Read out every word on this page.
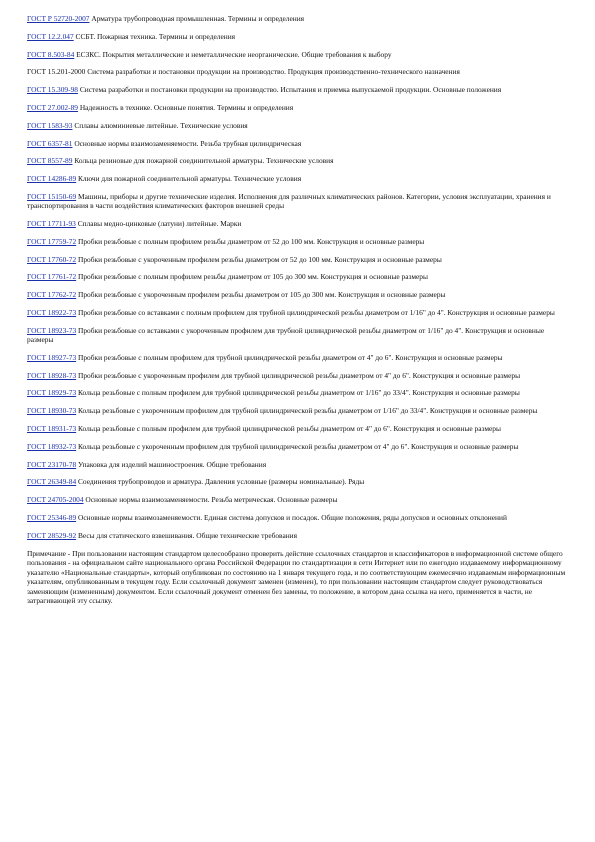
ГОСТ Р 52720-2007 Арматура трубопроводная промышленная. Термины и определения

ГОСТ 12.2.047 ССБТ. Пожарная техника. Термины и определения

ГОСТ 8.503-84 ЕСЗКС. Покрытия металлические и неметаллические неорганические. Общие требования к выбору

ГОСТ 15.201-2000 Система разработки и постановки продукции на производство. Продукция производственно-технического назначения

ГОСТ 15.309-98 Система разработки и постановки продукции на производство. Испытания и приемка выпускаемой продукции. Основные положения

ГОСТ 27.002-89 Надежность в технике. Основные понятия. Термины и определения

ГОСТ 1583-93 Сплавы алюминиевые литейные. Технические условия

ГОСТ 6357-81 Основные нормы взаимозаменяемости. Резьба трубная цилиндрическая

ГОСТ 8557-89 Кольца резиновые для пожарной соединительной арматуры. Технические условия

ГОСТ 14286-89 Ключи для пожарной соединительной арматуры. Технические условия

ГОСТ 15150-69 Машины, приборы и другие технические изделия. Исполнения для различных климатических районов. Категории, условия эксплуатации, хранения и транспортирования в части воздействия климатических факторов внешней среды

ГОСТ 17711-93 Сплавы медно-цинковые (латуни) литейные. Марки

ГОСТ 17759-72 Пробки резьбовые с полным профилем резьбы диаметром от 52 до 100 мм. Конструкция и основные размеры

ГОСТ 17760-72 Пробки резьбовые с укороченным профилем резьбы диаметром от 52 до 100 мм. Конструкция и основные размеры

ГОСТ 17761-72 Пробки резьбовые с полным профилем резьбы диаметром от 105 до 300 мм. Конструкция и основные размеры

ГОСТ 17762-72 Пробки резьбовые с укороченным профилем резьбы диаметром от 105 до 300 мм. Конструкция и основные размеры

ГОСТ 18922-73 Пробки резьбовые со вставками с полным профилем для трубной цилиндрической резьбы диаметром от 1/16" до 4". Конструкция и основные размеры

ГОСТ 18923-73 Пробки резьбовые со вставками с укороченным профилем для трубной цилиндрической резьбы диаметром от 1/16" до 4". Конструкция и основные размеры

ГОСТ 18927-73 Пробки резьбовые с полным профилем для трубной цилиндрической резьбы диаметром от 4" до 6". Конструкция и основные размеры

ГОСТ 18928-73 Пробки резьбовые с укороченным профилем для трубной цилиндрической резьбы диаметром от 4" до 6". Конструкция и основные размеры

ГОСТ 18929-73 Кольца резьбовые с полным профилем для трубной цилиндрической резьбы диаметром от 1/16" до 33/4". Конструкция и основные размеры

ГОСТ 18930-73 Кольца резьбовые с укороченным профилем для трубной цилиндрической резьбы диаметром от 1/16" до 33/4". Конструкция и основные размеры

ГОСТ 18931-73 Кольца резьбовые с полным профилем для трубной цилиндрической резьбы диаметром от 4" до 6". Конструкция и основные размеры

ГОСТ 18932-73 Кольца резьбовые с укороченным профилем для трубной цилиндрической резьбы диаметром от 4" до 6". Конструкция и основные размеры

ГОСТ 23170-78 Упаковка для изделий машиностроения. Общие требования

ГОСТ 26349-84 Соединения трубопроводов и арматура. Давления условные (размеры номинальные). Ряды

ГОСТ 24705-2004 Основные нормы взаимозаменяемости. Резьба метрическая. Основные размеры

ГОСТ 25346-89 Основные нормы взаимозаменяемости. Единая система допусков и посадок. Общие положения, ряды допусков и основных отклонений

ГОСТ 28529-92 Весы для статического взвешивания. Общие технические требования

Примечание - При пользовании настоящим стандартом целесообразно проверить действие ссылочных стандартов и классификаторов в информационной системе общего пользования - на официальном сайте национального органа Российской Федерации по стандартизации в сети Интернет или по ежегодно издаваемому информационному указателю «Национальные стандарты», который опубликован по состоянию на 1 января текущего года, и по соответствующим ежемесячно издаваемым информационным указателям, опубликованным в текущем году. Если ссылочный документ заменен (изменен), то при пользовании настоящим стандартом следует руководствоваться заменяющим (измененным) документом. Если ссылочный документ отменен без замены, то положение, в котором дана ссылка на него, применяется в части, не затрагивающей эту ссылку.
